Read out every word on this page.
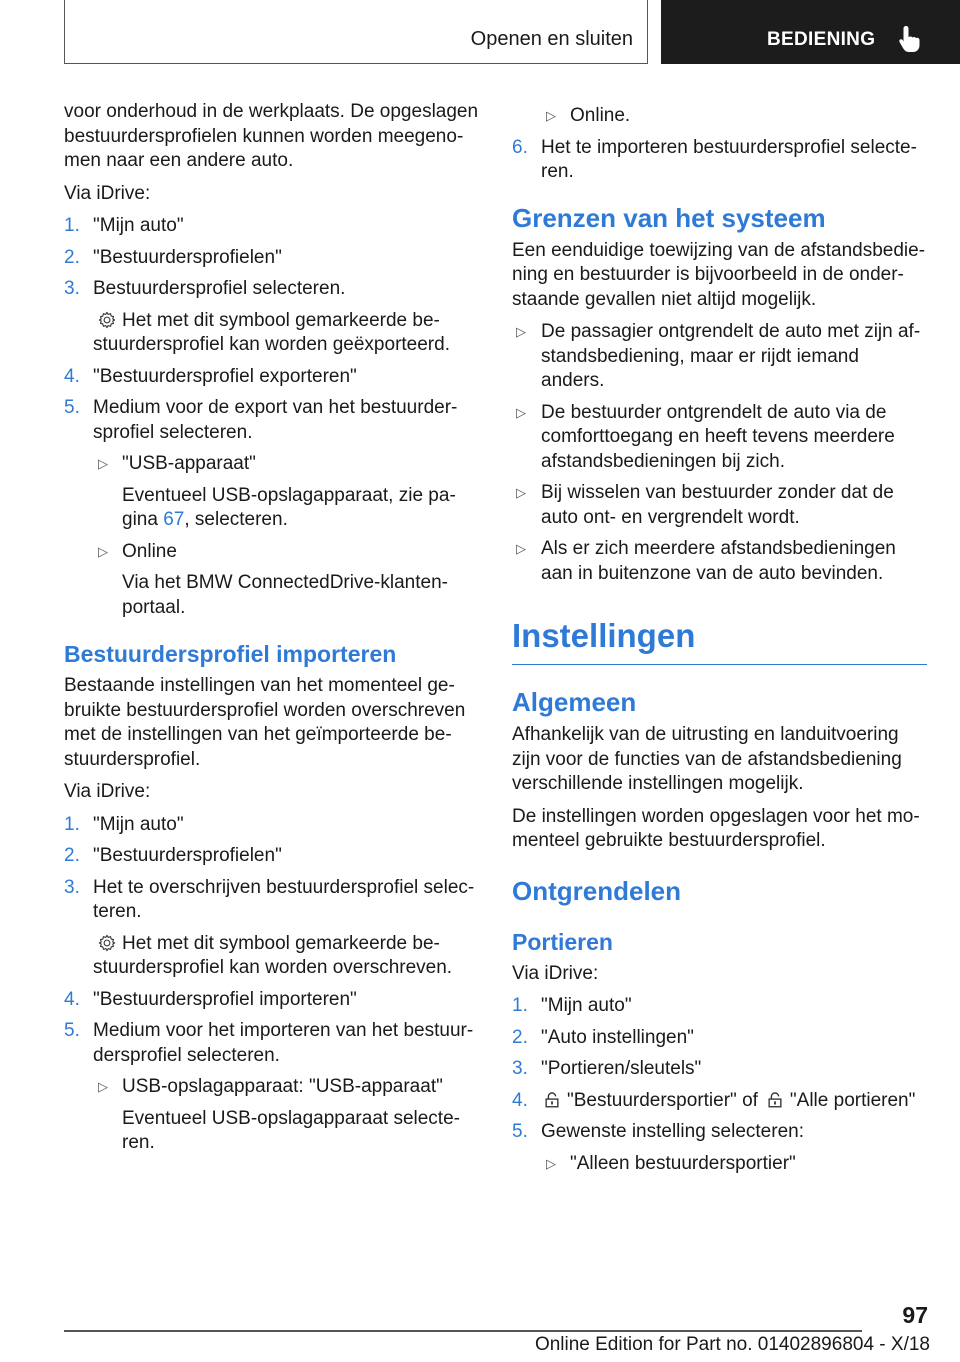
Openen en sluiten	BEDIENING

voor onderhoud in de werkplaats. De opgeslagen bestuurdersprofielen kunnen worden meegenomen naar een andere auto.

Via iDrive:

1. "Mijn auto"
2. "Bestuurdersprofielen"
3. Bestuurdersprofiel selecteren.
Het met dit symbool gemarkeerde bestuurdersprofiel kan worden geëxporteerd.
4. "Bestuurdersprofiel exporteren"
5. Medium voor de export van het bestuurdersprofiel selecteren.
▷ "USB-apparaat"
Eventueel USB-opslagapparaat, zie pagina 67, selecteren.
▷ Online
Via het BMW ConnectedDrive-klantenportaal.
Bestuurdersprofiel importeren

Bestaande instellingen van het momenteel gebruikte bestuurdersprofiel worden overschreven met de instellingen van het geïmporteerde bestuurdersprofiel.

Via iDrive:

1. "Mijn auto"
2. "Bestuurdersprofielen"
3. Het te overschrijven bestuurdersprofiel selecteren.
Het met dit symbool gemarkeerde bestuurdersprofiel kan worden overschreven.
4. "Bestuurdersprofiel importeren"
5. Medium voor het importeren van het bestuurdersprofiel selecteren.
▷ USB-opslagapparaat: "USB-apparaat"
Eventueel USB-opslagapparaat selecteren.
▷ Online.
6. Het te importeren bestuurdersprofiel selecteren.
Grenzen van het systeem

Een eenduidige toewijzing van de afstandsbediening en bestuurder is bijvoorbeeld in de onderstaande gevallen niet altijd mogelijk.

▷ De passagier ontgrendelt de auto met zijn afstandsbediening, maar er rijdt iemand anders.
▷ De bestuurder ontgrendelt de auto via de comforttoegang en heeft tevens meerdere afstandsbedieningen bij zich.
▷ Bij wisselen van bestuurder zonder dat de auto ont- en vergrendelt wordt.
▷ Als er zich meerdere afstandsbedieningen aan in buitenzone van de auto bevinden.
Instellingen
Algemeen

Afhankelijk van de uitrusting en landuitvoering zijn voor de functies van de afstandsbediening verschillende instellingen mogelijk.

De instellingen worden opgeslagen voor het momenteel gebruikte bestuurdersprofiel.

Ontgrendelen
Portieren

Via iDrive:

1. "Mijn auto"
2. "Auto instellingen"
3. "Portieren/sleutels"
4. "Bestuurdersportier" of "Alle portieren"
5. Gewenste instelling selecteren:
▷ "Alleen bestuurdersportier"
97
Online Edition for Part no. 01402896804 - X/18
